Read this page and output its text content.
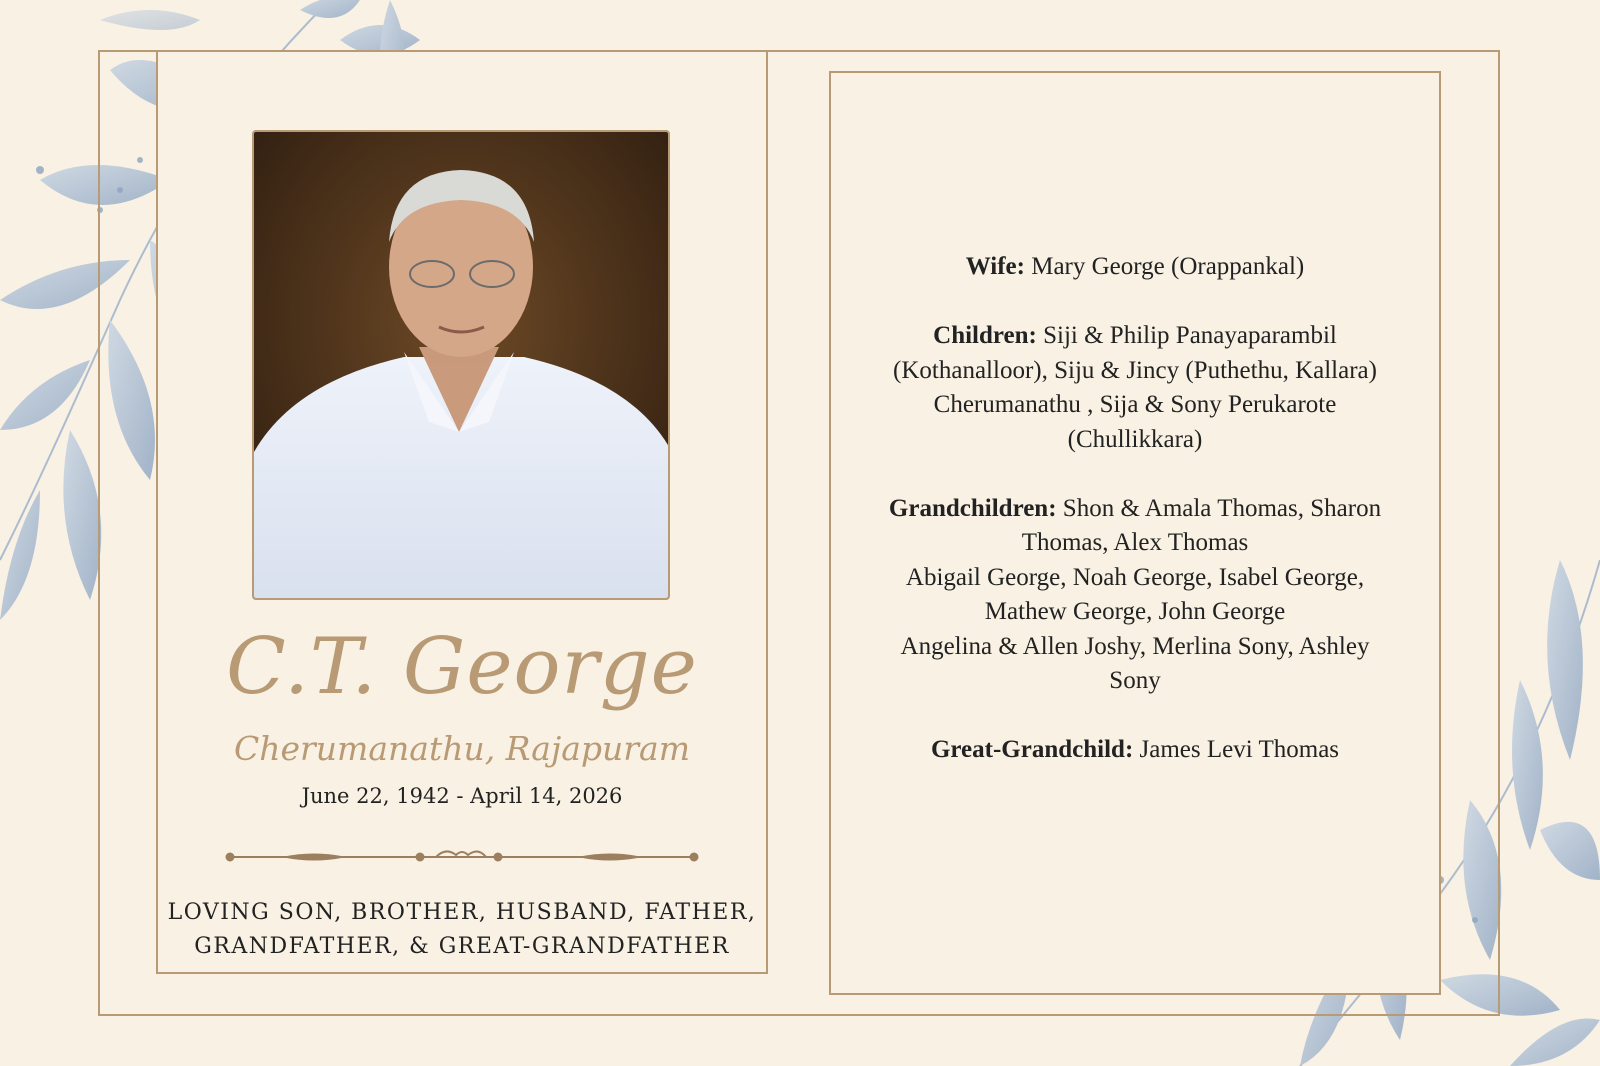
C.T. George
Cherumanathu, Rajapuram
June 22, 1942 - April 14, 2026
LOVING SON, BROTHER, HUSBAND, FATHER,
GRANDFATHER, & GREAT-GRANDFATHER
Wife: Mary George (Orappankal)
Children: Siji & Philip Panayaparambil
(Kothanalloor), Siju & Jincy (Puthethu, Kallara)
Cherumanathu , Sija & Sony Perukarote
(Chullikkara)
Grandchildren: Shon & Amala Thomas, Sharon
Thomas, Alex Thomas
Abigail George, Noah George, Isabel George,
Mathew George, John George
Angelina & Allen Joshy, Merlina Sony, Ashley
Sony
Great-Grandchild: James Levi Thomas
